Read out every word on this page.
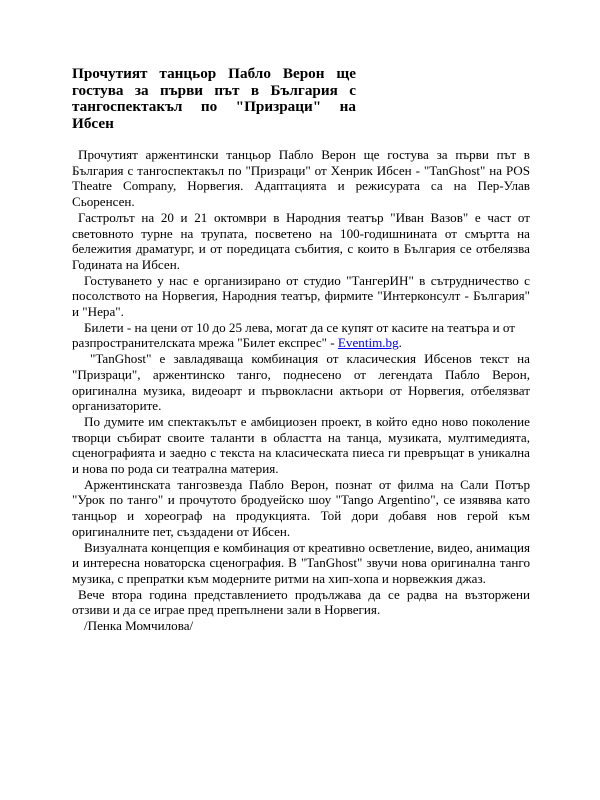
Прочутият танцьор Пабло Верон ще гостува за първи път в България с тангоспектакъл по "Призраци" на Ибсен

Прочутият аржентински танцьор Пабло Верон ще гостува за първи път в България с тангоспектакъл по "Призраци" от Хенрик Ибсен - "TanGhost" на POS Theatre Company, Норвегия. Адаптацията и режисурата са на Пер-Улав Сьоренсен.

Гастролът на 20 и 21 октомври в Народния театър "Иван Вазов" е част от световното турне на трупата, посветено на 100-годишнината от смъртта на бележития драматург, и от поредицата събития, с които в България се отбелязва Годината на Ибсен.

Гостуването у нас е организирано от студио "ТангерИН" в сътрудничество с посолството на Норвегия, Народния театър, фирмите "Интерконсулт - България" и "Нера".

Билети - на цени от 10 до 25 лева, могат да се купят от касите на театъра и от разпространителската мрежа "Билет експрес" - Eventim.bg.

"TanGhost" е завладяваща комбинация от класическия Ибсенов текст на "Призраци", аржентинско танго, поднесено от легендата Пабло Верон, оригинална музика, видеоарт и първокласни актьори от Норвегия, отбелязват организаторите.

По думите им спектакълът е амбициозен проект, в който едно ново поколение творци събират своите таланти в областта на танца, музиката, мултимедията, сценографията и заедно с текста на класическата пиеса ги превръщат в уникална и нова по рода си театрална материя.

Аржентинската тангозвезда Пабло Верон, познат от филма на Сали Потър "Урок по танго" и прочутото бродуейско шоу "Tango Argentino", се изявява като танцьор и хореограф на продукцията. Той дори добавя нов герой към оригиналните пет, създадени от Ибсен.

Визуалната концепция е комбинация от креативно осветление, видео, анимация и интересна новаторска сценография. В "TanGhost" звучи нова оригинална танго музика, с препратки към модерните ритми на хип-хопа и норвежкия джаз.

Вече втора година представлението продължава да се радва на възторжени отзиви и да се играе пред препълнени зали в Норвегия.

/Пенка Момчилова/
